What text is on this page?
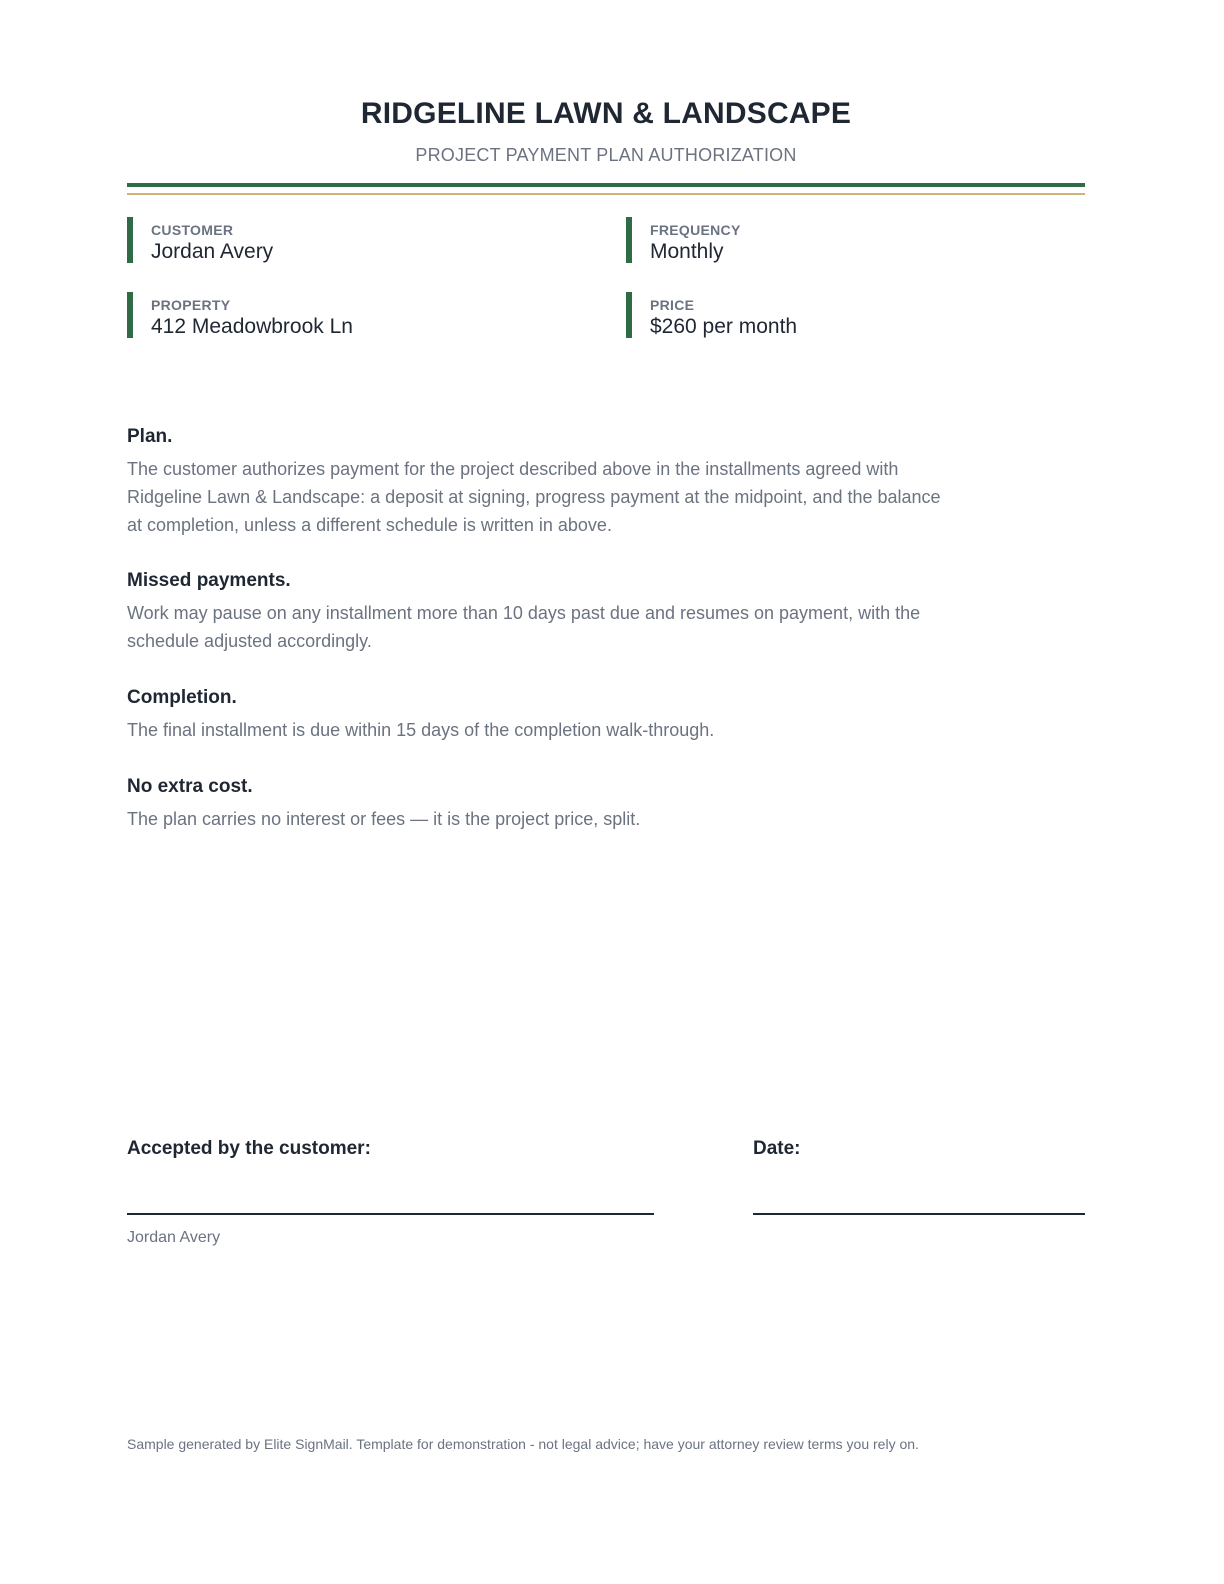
RIDGELINE LAWN & LANDSCAPE
PROJECT PAYMENT PLAN AUTHORIZATION
CUSTOMER
Jordan Avery
FREQUENCY
Monthly
PROPERTY
412 Meadowbrook Ln
PRICE
$260 per month

Plan.

The customer authorizes payment for the project described above in the installments agreed with Ridgeline Lawn & Landscape: a deposit at signing, progress payment at the midpoint, and the balance at completion, unless a different schedule is written in above.

Missed payments.

Work may pause on any installment more than 10 days past due and resumes on payment, with the schedule adjusted accordingly.

Completion.

The final installment is due within 15 days of the completion walk-through.

No extra cost.

The plan carries no interest or fees — it is the project price, split.

Accepted by the customer:	Date:
Jordan Avery
Sample generated by Elite SignMail. Template for demonstration - not legal advice; have your attorney review terms you rely on.
